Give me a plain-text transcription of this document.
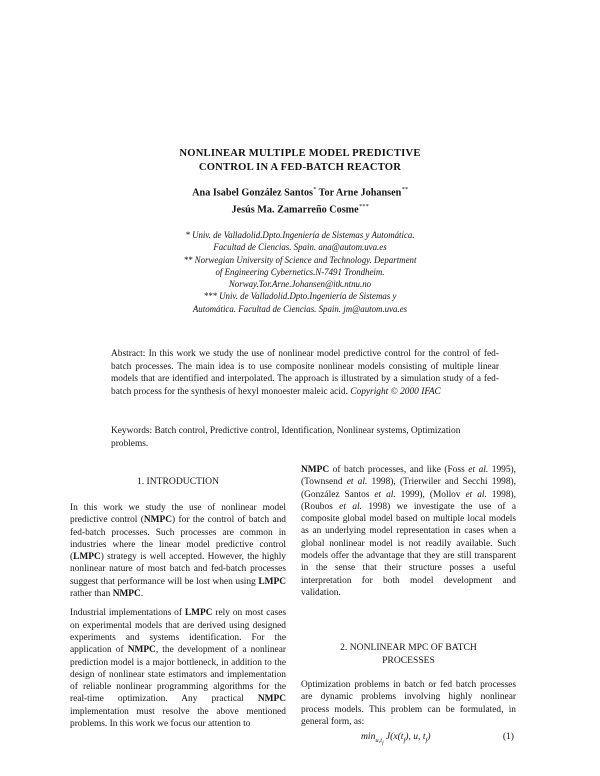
NONLINEAR MULTIPLE MODEL PREDICTIVE
CONTROL IN A FED-BATCH REACTOR
Ana Isabel González Santos* Tor Arne Johansen**
Jesús Ma. Zamarreño Cosme***
* Univ. de Valladolid.Dpto.Ingeniería de Sistemas y Automática.
Facultad de Ciencias. Spain. ana@autom.uva.es
** Norwegian University of Science and Technology. Department
of Engineering Cybernetics.N-7491 Trondheim.
Norway.Tor.Arne.Johansen@itk.ntnu.no
*** Univ. de Valladolid.Dpto.Ingeniería de Sistemas y
Automática. Facultad de Ciencias. Spain. jm@autom.uva.es
Abstract: In this work we study the use of nonlinear model predictive control for the control of fed-batch processes. The main idea is to use composite nonlinear models consisting of multiple linear models that are identified and interpolated. The approach is illustrated by a simulation study of a fed-batch process for the synthesis of hexyl monoester maleic acid. Copyright © 2000 IFAC
Keywords: Batch control, Predictive control, Identification, Nonlinear systems, Optimization problems.
1. INTRODUCTION

In this work we study the use of nonlinear model predictive control (NMPC) for the control of batch and fed-batch processes. Such processes are common in industries where the linear model predictive control (LMPC) strategy is well accepted. However, the highly nonlinear nature of most batch and fed-batch processes suggest that performance will be lost when using LMPC rather than NMPC.

Industrial implementations of LMPC rely on most cases on experimental models that are derived using designed experiments and systems identification. For the application of NMPC, the development of a nonlinear prediction model is a major bottleneck, in addition to the design of nonlinear state estimators and implementation of reliable nonlinear programming algorithms for the real-time optimization. Any practical NMPC implementation must resolve the above mentioned problems. In this work we focus our attention to

NMPC of batch processes, and like (Foss et al. 1995), (Townsend et al. 1998), (Trierwiler and Secchi 1998), (González Santos et al. 1999), (Mollov et al. 1998), (Roubos et al. 1998) we investigate the use of a composite global model based on multiple local models as an underlying model representation in cases when a global nonlinear model is not readily available. Such models offer the advantage that they are still transparent in the sense that their structure posses a useful interpretation for both model development and validation.

2. NONLINEAR MPC OF BATCH
PROCESSES
Optimization problems in batch or fed batch processes are dynamic problems involving highly nonlinear process models. This problem can be formulated, in general form, as:
$\min_{u,t_f} J(x(t_f)$, u, $t_f$)	(1)
